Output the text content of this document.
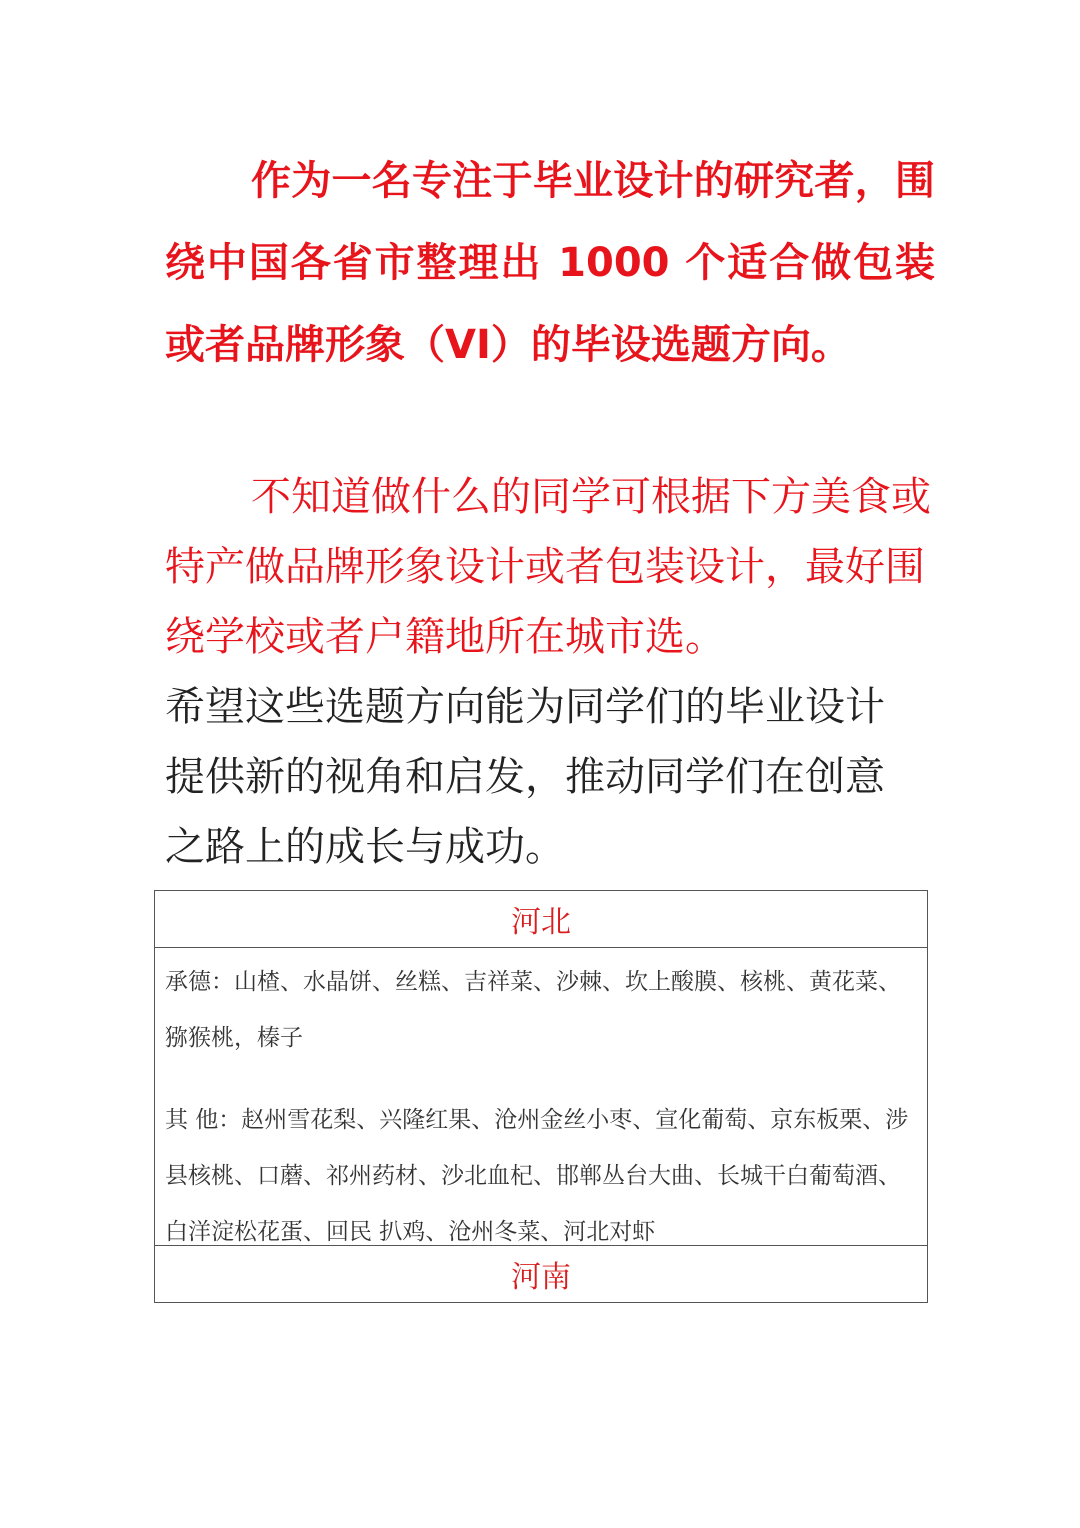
作为一名专注于毕业设计的研究者，围绕中国各省市整理出 1000 个适合做包装或者品牌形象（VI）的毕设选题方向。

不知道做什么的同学可根据下方美食或特产做品牌形象设计或者包装设计，最好围绕学校或者户籍地所在城市选。

希望这些选题方向能为同学们的毕业设计提供新的视角和启发，推动同学们在创意之路上的成长与成功。

河北

承德：山楂、水晶饼、丝糕、吉祥菜、沙棘、坎上酸膜、核桃、黄花菜、猕猴桃，榛子

其 他：赵州雪花梨、兴隆红果、沧州金丝小枣、宣化葡萄、京东板栗、涉县核桃、口蘑、祁州药材、沙北血杞、邯郸丛台大曲、长城干白葡萄酒、白洋淀松花蛋、回民 扒鸡、沧州冬菜、河北对虾

河南
